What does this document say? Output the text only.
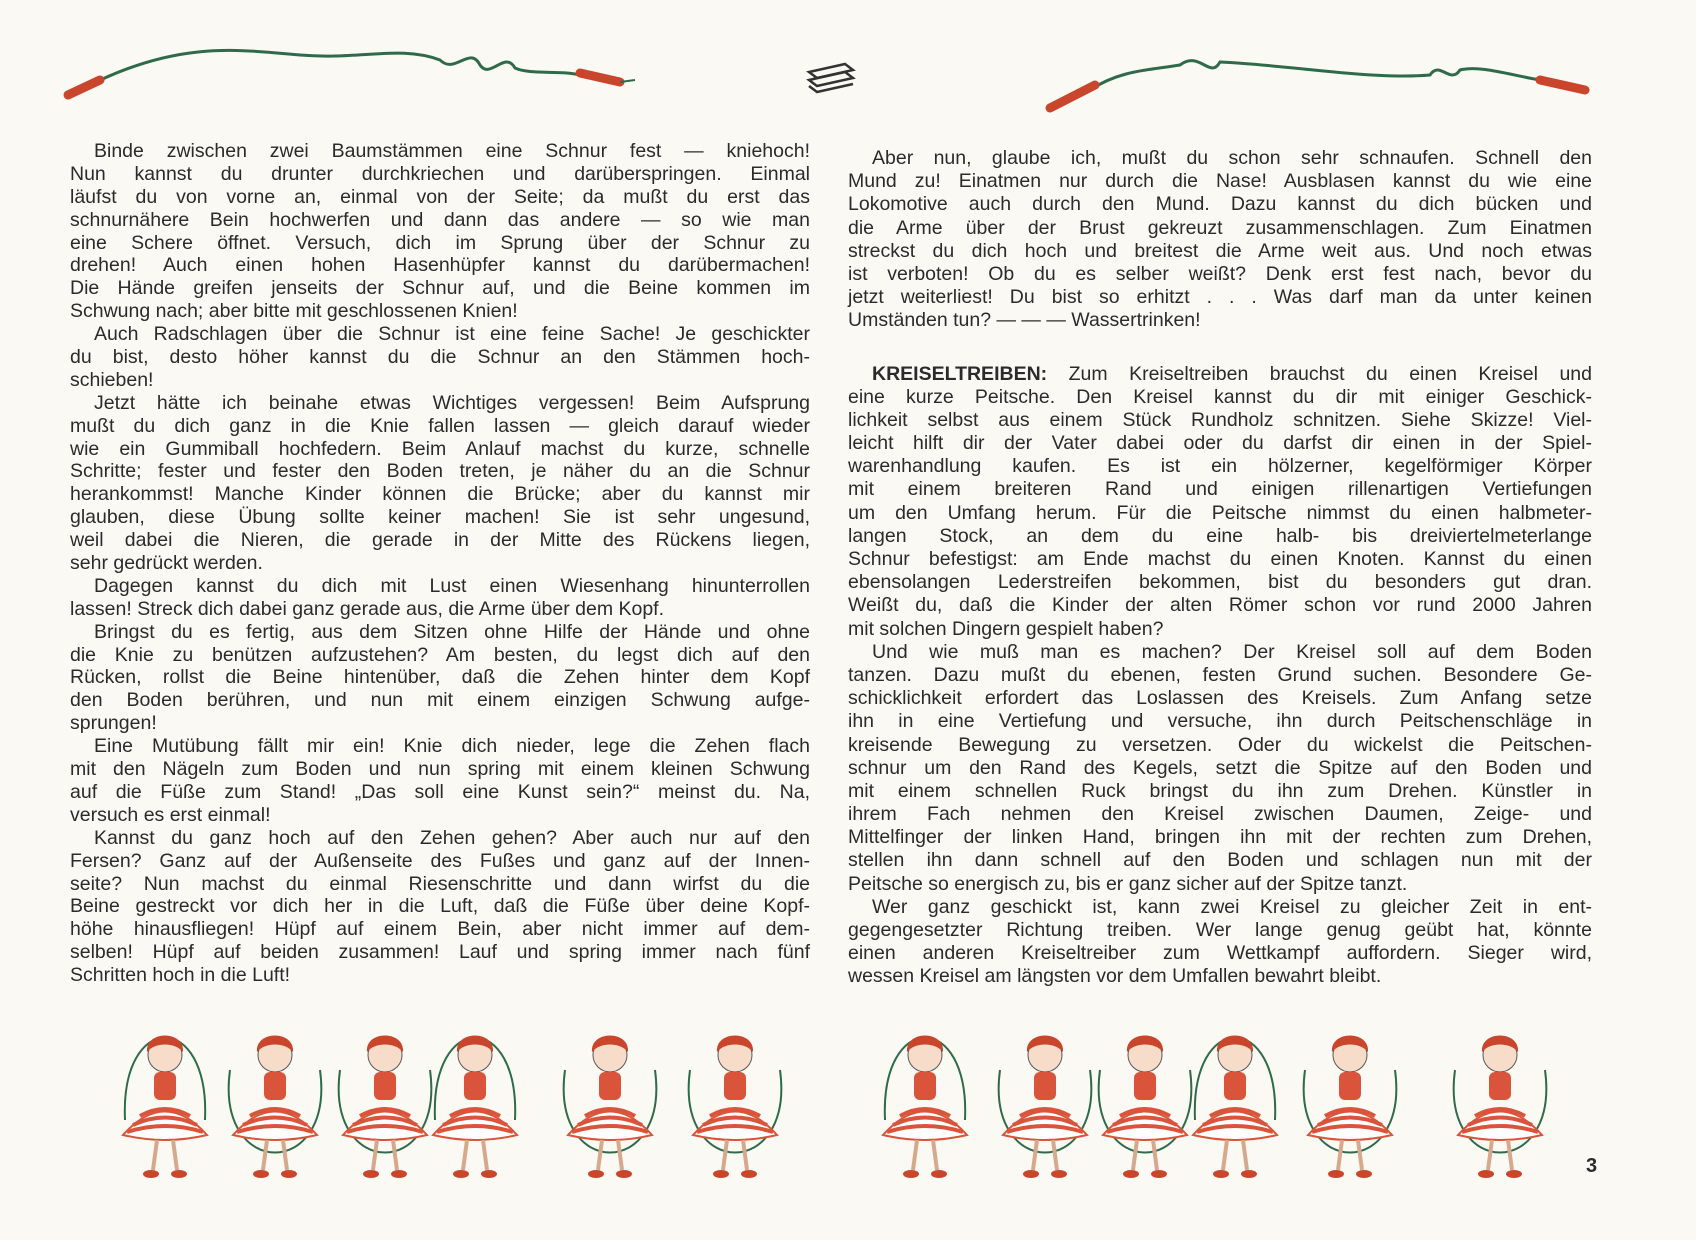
Binde zwischen zwei Baumstämmen eine Schnur fest — kniehoch!
Nun kannst du drunter durchkriechen und darüberspringen. Einmal
läufst du von vorne an, einmal von der Seite; da mußt du erst das
schnurnähere Bein hochwerfen und dann das andere — so wie man
eine Schere öffnet. Versuch, dich im Sprung über der Schnur zu
drehen! Auch einen hohen Hasenhüpfer kannst du darübermachen!
Die Hände greifen jenseits der Schnur auf, und die Beine kommen im
Schwung nach; aber bitte mit geschlossenen Knien!
Auch Radschlagen über die Schnur ist eine feine Sache! Je geschickter
du bist, desto höher kannst du die Schnur an den Stämmen hoch-
schieben!
Jetzt hätte ich beinahe etwas Wichtiges vergessen! Beim Aufsprung
mußt du dich ganz in die Knie fallen lassen — gleich darauf wieder
wie ein Gummiball hochfedern. Beim Anlauf machst du kurze, schnelle
Schritte; fester und fester den Boden treten, je näher du an die Schnur
herankommst! Manche Kinder können die Brücke; aber du kannst mir
glauben, diese Übung sollte keiner machen! Sie ist sehr ungesund,
weil dabei die Nieren, die gerade in der Mitte des Rückens liegen,
sehr gedrückt werden.
Dagegen kannst du dich mit Lust einen Wiesenhang hinunterrollen
lassen! Streck dich dabei ganz gerade aus, die Arme über dem Kopf.
Bringst du es fertig, aus dem Sitzen ohne Hilfe der Hände und ohne
die Knie zu benützen aufzustehen? Am besten, du legst dich auf den
Rücken, rollst die Beine hintenüber, daß die Zehen hinter dem Kopf
den Boden berühren, und nun mit einem einzigen Schwung aufge-
sprungen!
Eine Mutübung fällt mir ein! Knie dich nieder, lege die Zehen flach
mit den Nägeln zum Boden und nun spring mit einem kleinen Schwung
auf die Füße zum Stand! „Das soll eine Kunst sein?“ meinst du. Na,
versuch es erst einmal!
Kannst du ganz hoch auf den Zehen gehen? Aber auch nur auf den
Fersen? Ganz auf der Außenseite des Fußes und ganz auf der Innen-
seite? Nun machst du einmal Riesenschritte und dann wirfst du die
Beine gestreckt vor dich her in die Luft, daß die Füße über deine Kopf-
höhe hinausfliegen! Hüpf auf einem Bein, aber nicht immer auf dem-
selben! Hüpf auf beiden zusammen! Lauf und spring immer nach fünf
Schritten hoch in die Luft!
Aber nun, glaube ich, mußt du schon sehr schnaufen. Schnell den
Mund zu! Einatmen nur durch die Nase! Ausblasen kannst du wie eine
Lokomotive auch durch den Mund. Dazu kannst du dich bücken und
die Arme über der Brust gekreuzt zusammenschlagen. Zum Einatmen
streckst du dich hoch und breitest die Arme weit aus. Und noch etwas
ist verboten! Ob du es selber weißt? Denk erst fest nach, bevor du
jetzt weiterliest! Du bist so erhitzt . . . Was darf man da unter keinen
Umständen tun? — — — Wassertrinken!
KREISELTREIBEN: Zum Kreiseltreiben brauchst du einen Kreisel und
eine kurze Peitsche. Den Kreisel kannst du dir mit einiger Geschick-
lichkeit selbst aus einem Stück Rundholz schnitzen. Siehe Skizze! Viel-
leicht hilft dir der Vater dabei oder du darfst dir einen in der Spiel-
warenhandlung kaufen. Es ist ein hölzerner, kegelförmiger Körper
mit einem breiteren Rand und einigen rillenartigen Vertiefungen
um den Umfang herum. Für die Peitsche nimmst du einen halbmeter-
langen Stock, an dem du eine halb- bis dreiviertelmeterlange
Schnur befestigst: am Ende machst du einen Knoten. Kannst du einen
ebensolangen Lederstreifen bekommen, bist du besonders gut dran.
Weißt du, daß die Kinder der alten Römer schon vor rund 2000 Jahren
mit solchen Dingern gespielt haben?
Und wie muß man es machen? Der Kreisel soll auf dem Boden
tanzen. Dazu mußt du ebenen, festen Grund suchen. Besondere Ge-
schicklichkeit erfordert das Loslassen des Kreisels. Zum Anfang setze
ihn in eine Vertiefung und versuche, ihn durch Peitschenschläge in
kreisende Bewegung zu versetzen. Oder du wickelst die Peitschen-
schnur um den Rand des Kegels, setzt die Spitze auf den Boden und
mit einem schnellen Ruck bringst du ihn zum Drehen. Künstler in
ihrem Fach nehmen den Kreisel zwischen Daumen, Zeige- und
Mittelfinger der linken Hand, bringen ihn mit der rechten zum Drehen,
stellen ihn dann schnell auf den Boden und schlagen nun mit der
Peitsche so energisch zu, bis er ganz sicher auf der Spitze tanzt.
Wer ganz geschickt ist, kann zwei Kreisel zu gleicher Zeit in ent-
gegengesetzter Richtung treiben. Wer lange genug geübt hat, könnte
einen anderen Kreiseltreiber zum Wettkampf auffordern. Sieger wird,
wessen Kreisel am längsten vor dem Umfallen bewahrt bleibt.
3
